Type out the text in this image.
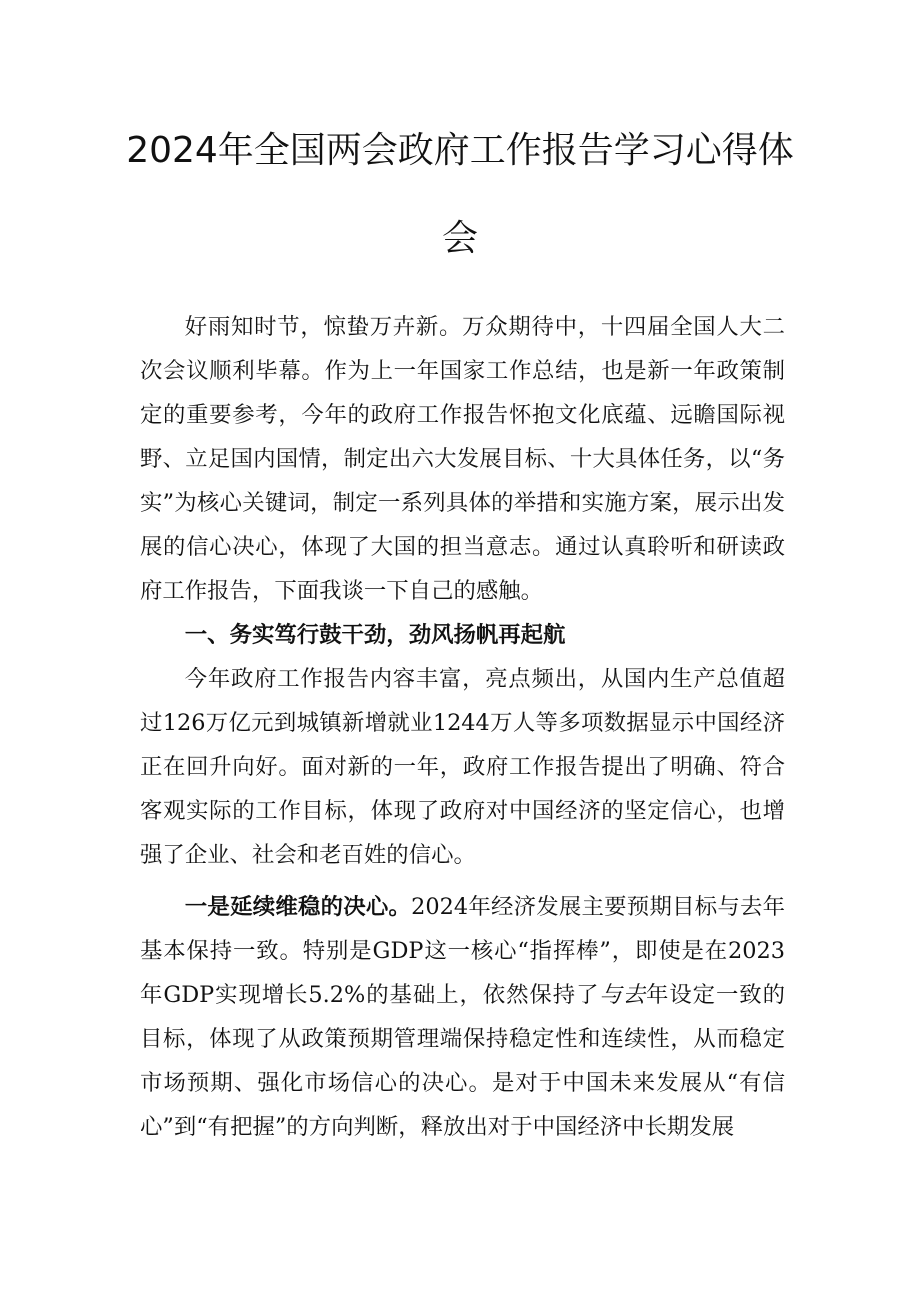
2024年全国两会政府工作报告学习心得体
会

好雨知时节，惊蛰万卉新。万众期待中，十四届全国人大二次会议顺利毕幕。作为上一年国家工作总结，也是新一年政策制定的重要参考，今年的政府工作报告怀抱文化底蕴、远瞻国际视野、立足国内国情，制定出六大发展目标、十大具体任务，以“务实”为核心关键词，制定一系列具体的举措和实施方案，展示出发展的信心决心，体现了大国的担当意志。通过认真聆听和研读政府工作报告，下面我谈一下自己的感触。

一、务实笃行鼓干劲，劲风扬帆再起航

今年政府工作报告内容丰富，亮点频出，从国内生产总值超过126万亿元到城镇新增就业1244万人等多项数据显示中国经济正在回升向好。面对新的一年，政府工作报告提出了明确、符合客观实际的工作目标，体现了政府对中国经济的坚定信心，也增强了企业、社会和老百姓的信心。

一是延续维稳的决心。2024年经济发展主要预期目标与去年基本保持一致。特别是GDP这一核心“指挥棒”，即使是在2023年GDP实现增长5.2%的基础上，依然保持了与去年设定一致的目标，体现了从政策预期管理端保持稳定性和连续性，从而稳定市场预期、强化市场信心的决心。是对于中国未来发展从“有信心”到“有把握”的方向判断，释放出对于中国经济中长期发展
